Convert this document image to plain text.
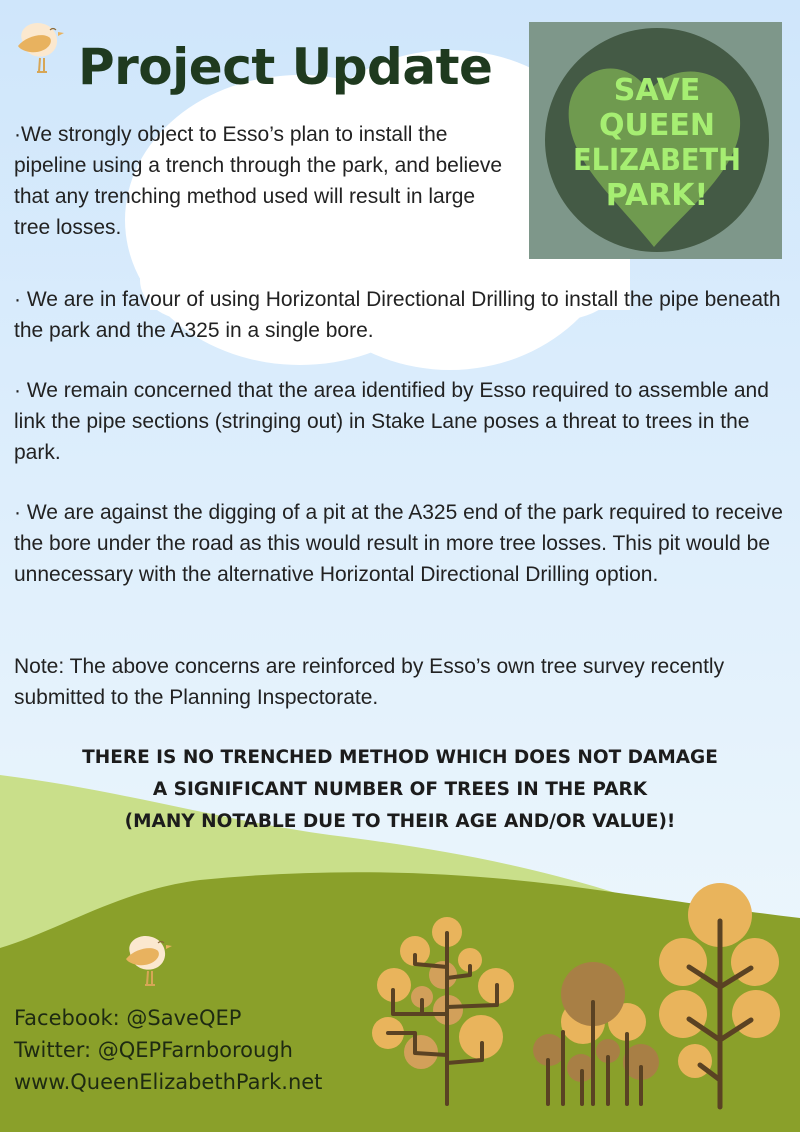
Project Update	SAVE
QUEEN
ELIZABETH
PARK!
·We strongly object to Esso’s plan to install the pipeline using a trench through the park, and believe that any trenching method used will result in large tree losses.
· We are in favour of using Horizontal Directional Drilling to install the pipe beneath the park and the A325 in a single bore.
· We remain concerned that the area identified by Esso required to assemble and link the pipe sections (stringing out) in Stake Lane poses a threat to trees in the park.
· We are against the digging of a pit at the A325 end of the park required to receive the bore under the road as this would result in more tree losses. This pit would be unnecessary with the alternative Horizontal Directional Drilling option.
Note: The above concerns are reinforced by Esso’s own tree survey recently submitted to the Planning Inspectorate.
THERE IS NO TRENCHED METHOD WHICH DOES NOT DAMAGE
A SIGNIFICANT NUMBER OF TREES IN THE PARK
(MANY NOTABLE DUE TO THEIR AGE AND/OR VALUE)!
Facebook: @SaveQEP
Twitter: @QEPFarnborough
www.QueenElizabethPark.net
